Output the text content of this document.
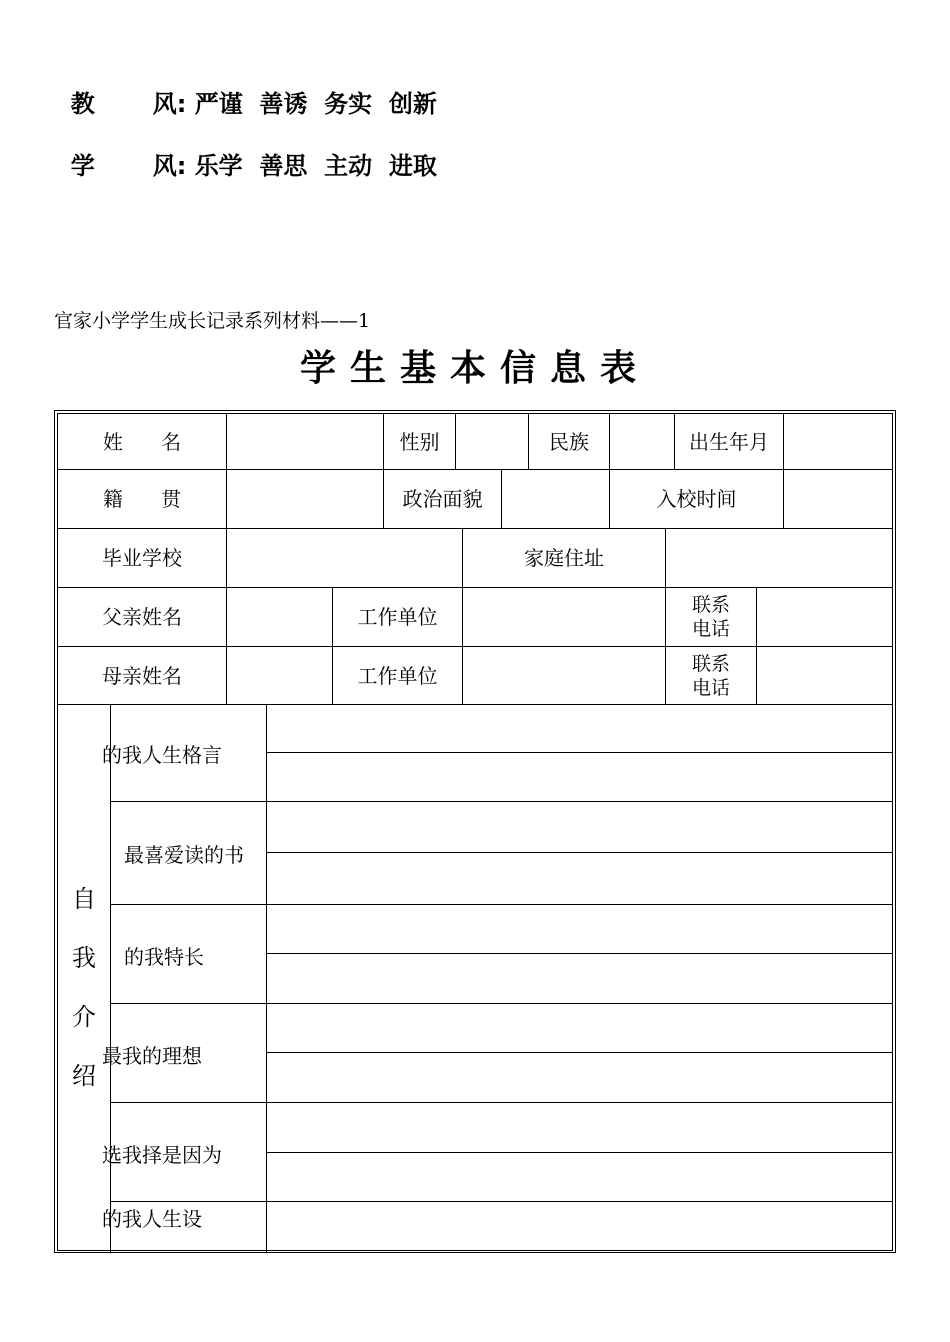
教 风: 严谨  善诱  务实  创新

学 风: 乐学  善思  主动  进取

官家小学学生成长记录系列材料——1
学生基本信息表
姓      名	性别	民族	出生年月
籍      贯	政治面貌	入校时间
毕业学校	家庭住址
父亲姓名	工作单位	联系
电话
母亲姓名	工作单位	联系
电话
自
我
介
绍
的我人生格言
最喜爱读的书
的我特长
最我的理想
选我择是因为
的我人生设
